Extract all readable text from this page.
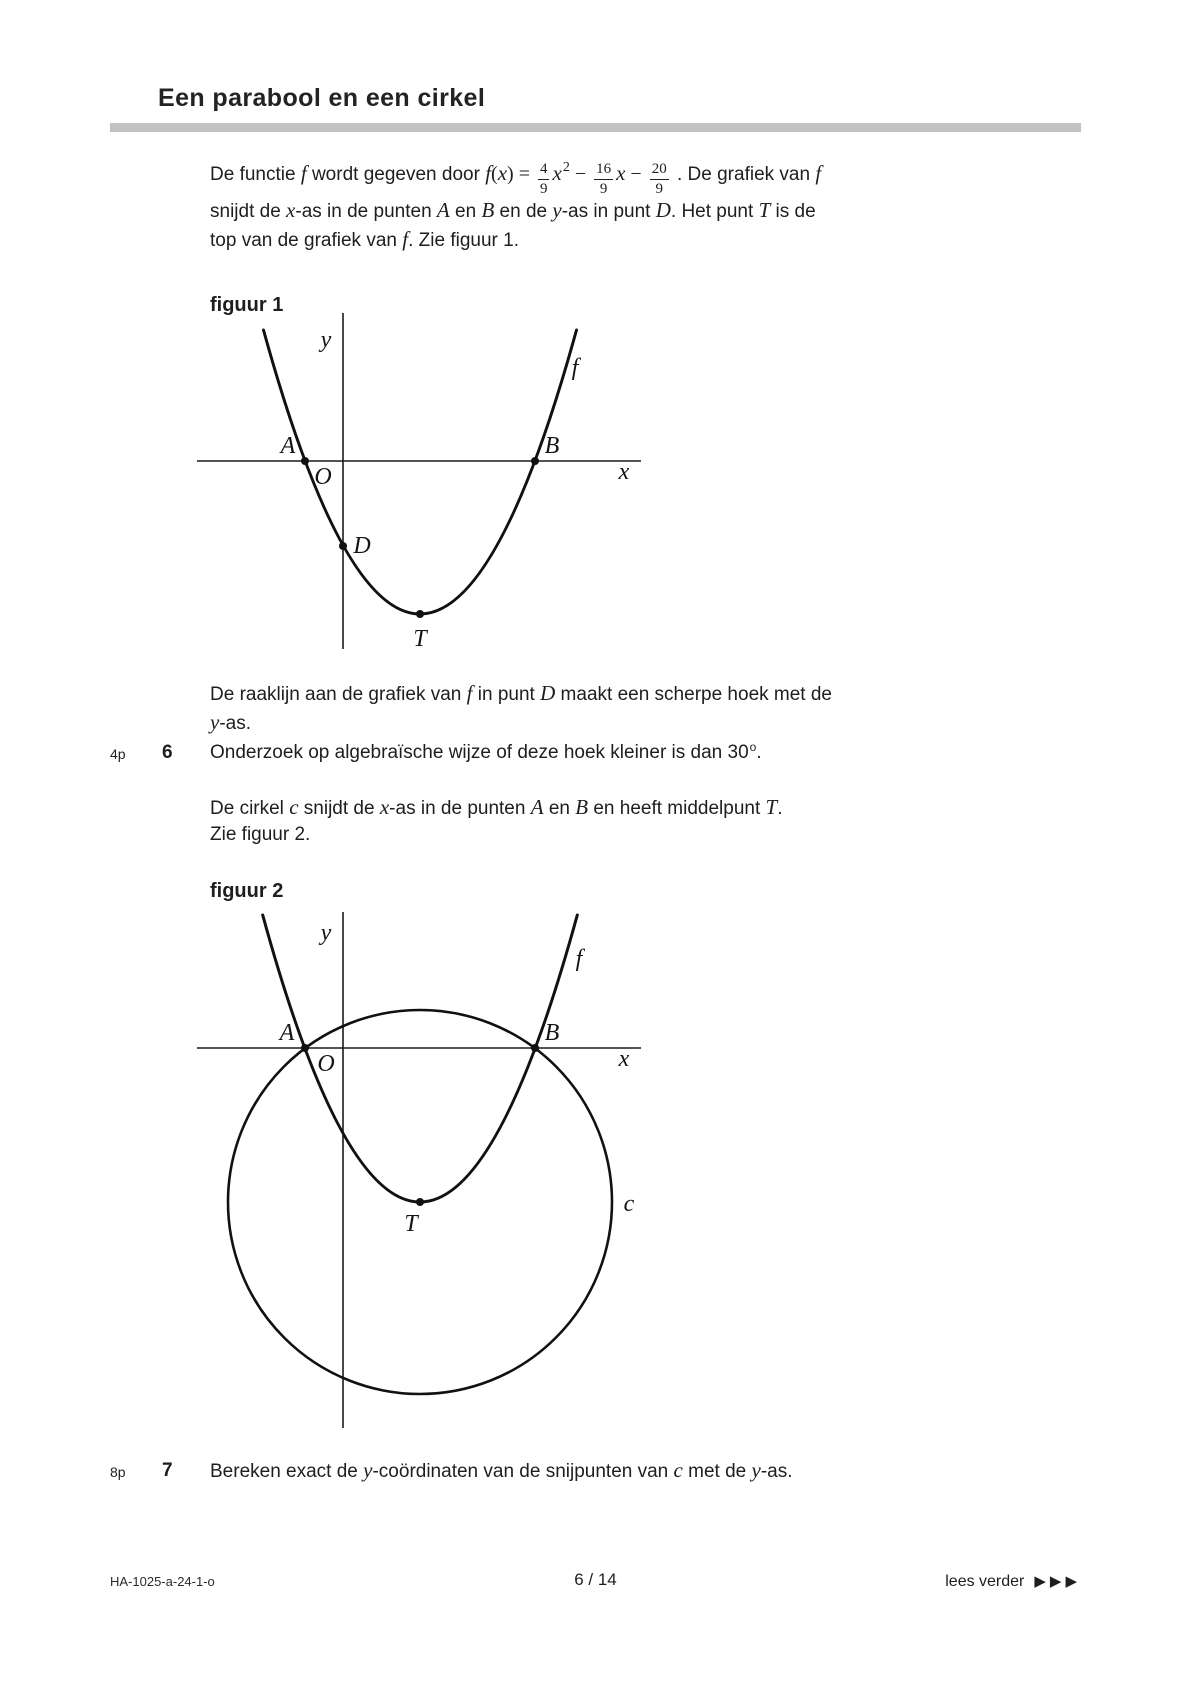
Een parabool en een cirkel
De functie f wordt gegeven door $f(x) = \frac{4}{9} x^2 - \frac{16}{9}$ $x - \frac{20}{9}$ . De grafiek van f
snijdt de x-as in de punten A en B en de y-as in punt D. Het punt T is de
top van de grafiek van f. Zie figuur 1.
figuur 1
y
x
f
A	B
O
D
T
De raaklijn aan de grafiek van f in punt D maakt een scherpe hoek met de
y-as.
4p 6 Onderzoek op algebraïsche wijze of deze hoek kleiner is dan 30$^o$.
De cirkel c snijdt de x-as in de punten A en B en heeft middelpunt T.
Zie figuur 2.
figuur 2
y
x
f
A	B
O
T
c
8p 7 Bereken exact de y-coördinaten van de snijpunten van c met de y-as.
HA-1025-a-24-1-o	6 / 14	lees verder ▶▶▶
